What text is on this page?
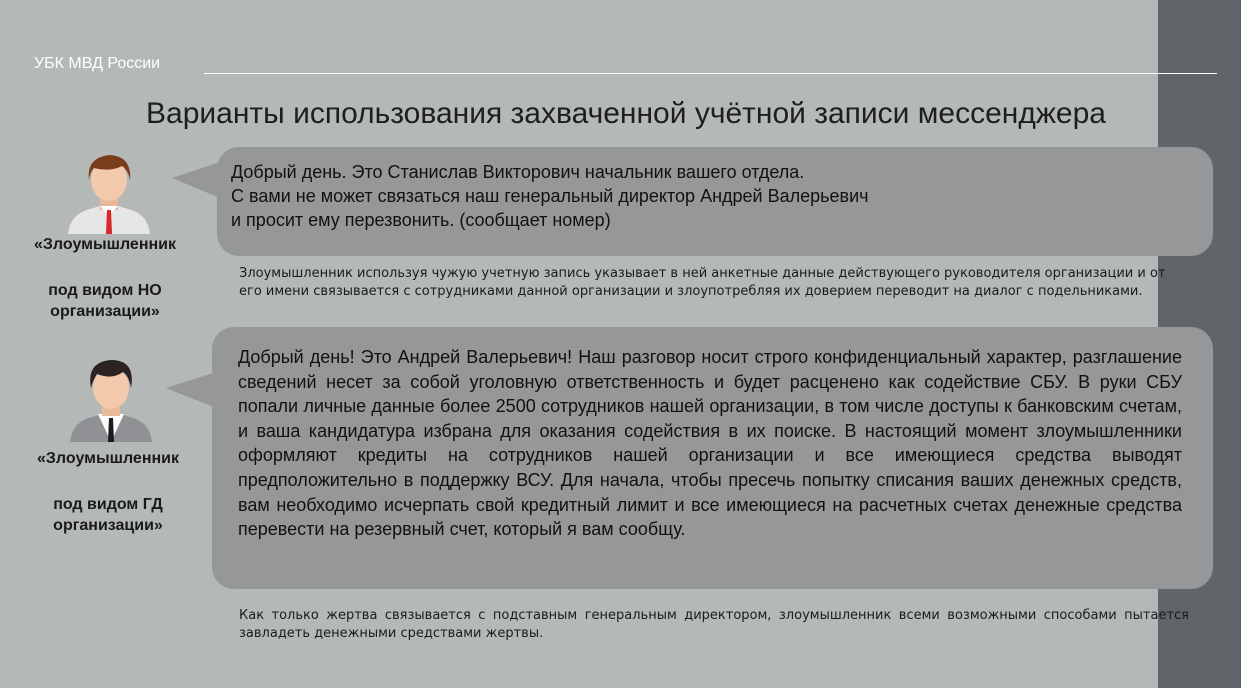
УБК МВД России
Варианты использования захваченной учётной записи мессенджера
«Злоумышленник
под видом НО
организации»
Добрый день. Это Станислав Викторович начальник вашего отдела.
С вами не может связаться наш генеральный директор Андрей Валерьевич
и просит ему перезвонить. (сообщает номер)
Злоумышленник используя чужую учетную запись указывает в ней анкетные данные действующего руководителя организации и от его имени связывается с сотрудниками данной организации и злоупотребляя их доверием переводит на диалог с подельниками.
«Злоумышленник
под видом ГД
организации»
Добрый день! Это Андрей Валерьевич! Наш разговор носит строго конфиденциальный характер, разглашение сведений несет за собой уголовную ответственность и будет расценено как содействие СБУ. В руки СБУ попали личные данные более 2500 сотрудников нашей организации, в том числе доступы к банковским счетам, и ваша кандидатура избрана для оказания содействия в их поиске. В настоящий момент злоумышленники оформляют кредиты на сотрудников нашей организации и все имеющиеся средства выводят предположительно в поддержку ВСУ. Для начала, чтобы пресечь попытку списания ваших денежных средств, вам необходимо исчерпать свой кредитный лимит и все имеющиеся на расчетных счетах денежные средства перевести на резервный счет, который я вам сообщу.
Как только жертва связывается с подставным генеральным директором, злоумышленник всеми возможными способами пытается завладеть денежными средствами жертвы.
